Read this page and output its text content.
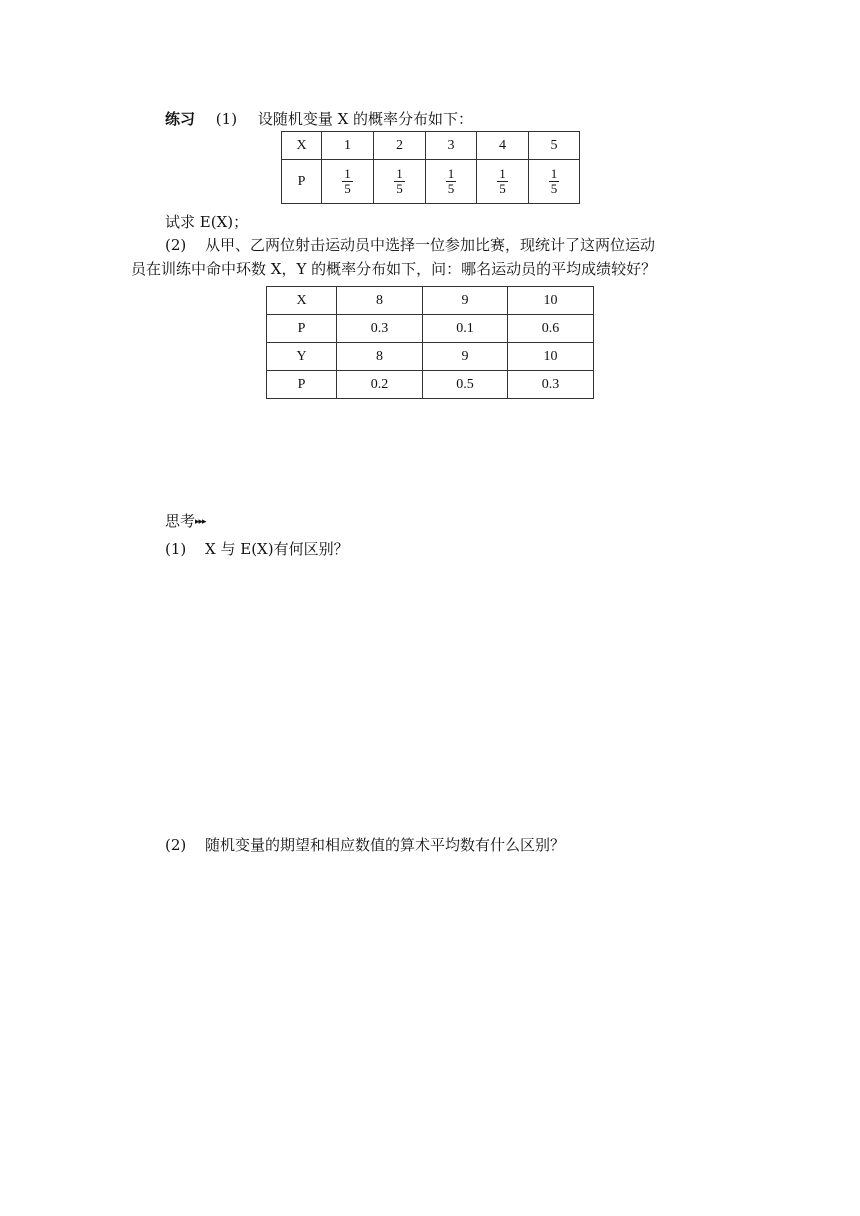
练习 (1) 设随机变量 X 的概率分布如下：
X	1	2	3	4	5
P	$\frac{1}{5}$	$\frac{1}{5}$	$\frac{1}{5}$	$\frac{1}{5}$	$\frac{1}{5}$
试求 E(X)；
(2) 从甲、乙两位射击运动员中选择一位参加比赛，现统计了这两位运动
员在训练中命中环数 X，Y 的概率分布如下，问：哪名运动员的平均成绩较好？
X	8	9	10
P	0.3	0.1	0.6
Y	8	9	10
P	0.2	0.5	0.3
思考▸▸▸
(1) X 与 E(X)有何区别？
(2) 随机变量的期望和相应数值的算术平均数有什么区别？
